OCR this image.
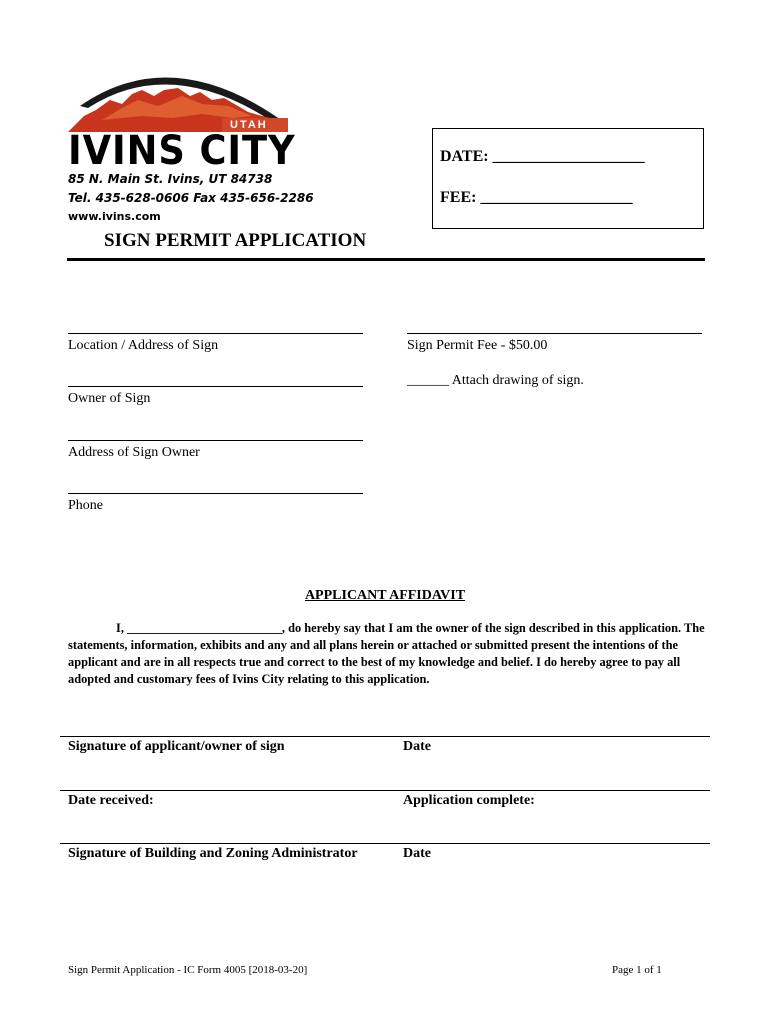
UTAH
IVINS CITY
85 N. Main St. Ivins, UT 84738
Tel. 435-628-0606 Fax 435-656-2286
www.ivins.com
DATE: ___________________
FEE: ___________________
SIGN PERMIT APPLICATION
Location / Address of Sign
Owner of Sign
Address of Sign Owner
Phone
Sign Permit Fee - $50.00
______ Attach drawing of sign.
APPLICANT AFFIDAVIT
I, _________________________, do hereby say that I am the owner of the sign described in this application. The statements, information, exhibits and any and all plans herein or attached or submitted present the intentions of the applicant and are in all respects true and correct to the best of my knowledge and belief. I do hereby agree to pay all adopted and customary fees of Ivins City relating to this application.
Signature of applicant/owner of sign	Date
Date received:	Application complete:
Signature of Building and Zoning Administrator	Date
Sign Permit Application - IC Form 4005 [2018-03-20]	Page 1 of 1
